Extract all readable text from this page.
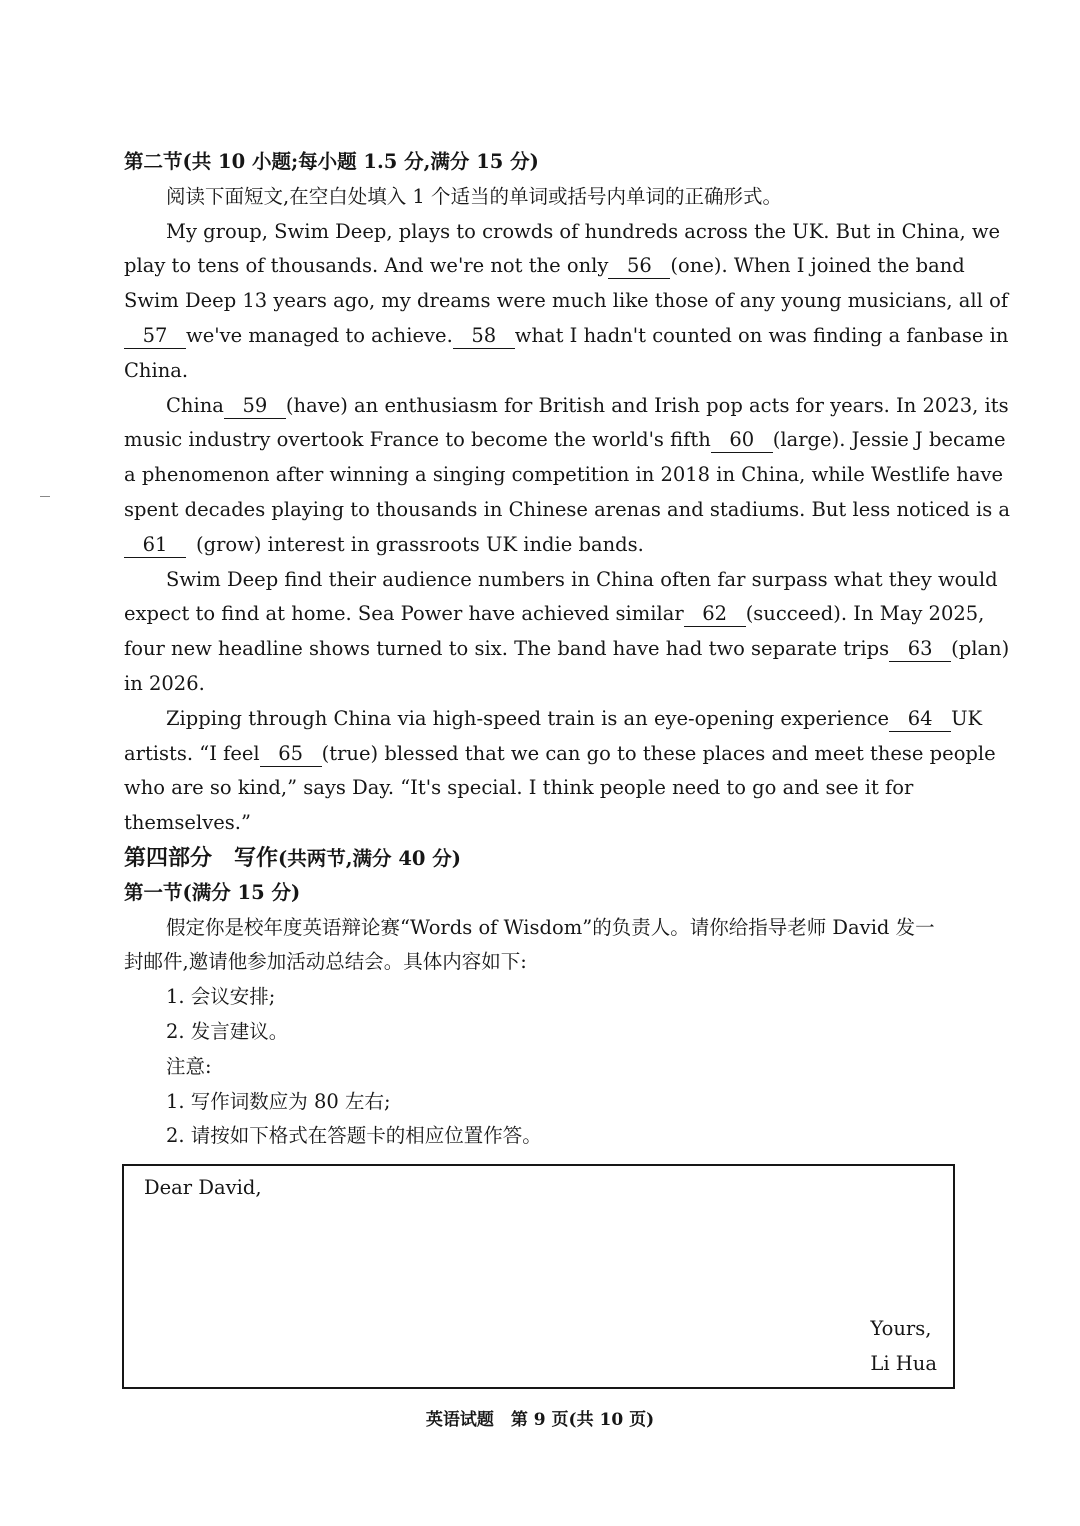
第二节(共 10 小题;每小题 1.5 分,满分 15 分)
阅读下面短文,在空白处填入 1 个适当的单词或括号内单词的正确形式。
My group, Swim Deep, plays to crowds of hundreds across the UK. But in China, we
play to tens of thousands. And we're not the only 56 (one). When I joined the band
Swim Deep 13 years ago, my dreams were much like those of any young musicians, all of
57 we've managed to achieve. 58 what I hadn't counted on was finding a fanbase in
China.
China 59 (have) an enthusiasm for British and Irish pop acts for years. In 2023, its
music industry overtook France to become the world's fifth 60 (large). Jessie J became
a phenomenon after winning a singing competition in 2018 in China, while Westlife have
spent decades playing to thousands in Chinese arenas and stadiums. But less noticed is a
61	(grow) interest in grassroots UK indie bands.
Swim Deep find their audience numbers in China often far surpass what they would
expect to find at home. Sea Power have achieved similar 62 (succeed). In May 2025,
four new headline shows turned to six. The band have had two separate trips 63 (plan)
in 2026.
Zipping through China via high-speed train is an eye-opening experience 64 UK
artists. “I feel 65 (true) blessed that we can go to these places and meet these people
who are so kind,” says Day. “It's special. I think people need to go and see it for
themselves.”
第四部分 写作 (共两节,满分 40 分)
第一节(满分 15 分)
假定你是校年度英语辩论赛“Words of Wisdom”的负责人。请你给指导老师 David 发一
封邮件,邀请他参加活动总结会。具体内容如下:
1. 会议安排;
2. 发言建议。
注意:
1. 写作词数应为 80 左右;
2. 请按如下格式在答题卡的相应位置作答。
Dear David,
Yours,
Li Hua
英语试题　第 9 页(共 10 页)
